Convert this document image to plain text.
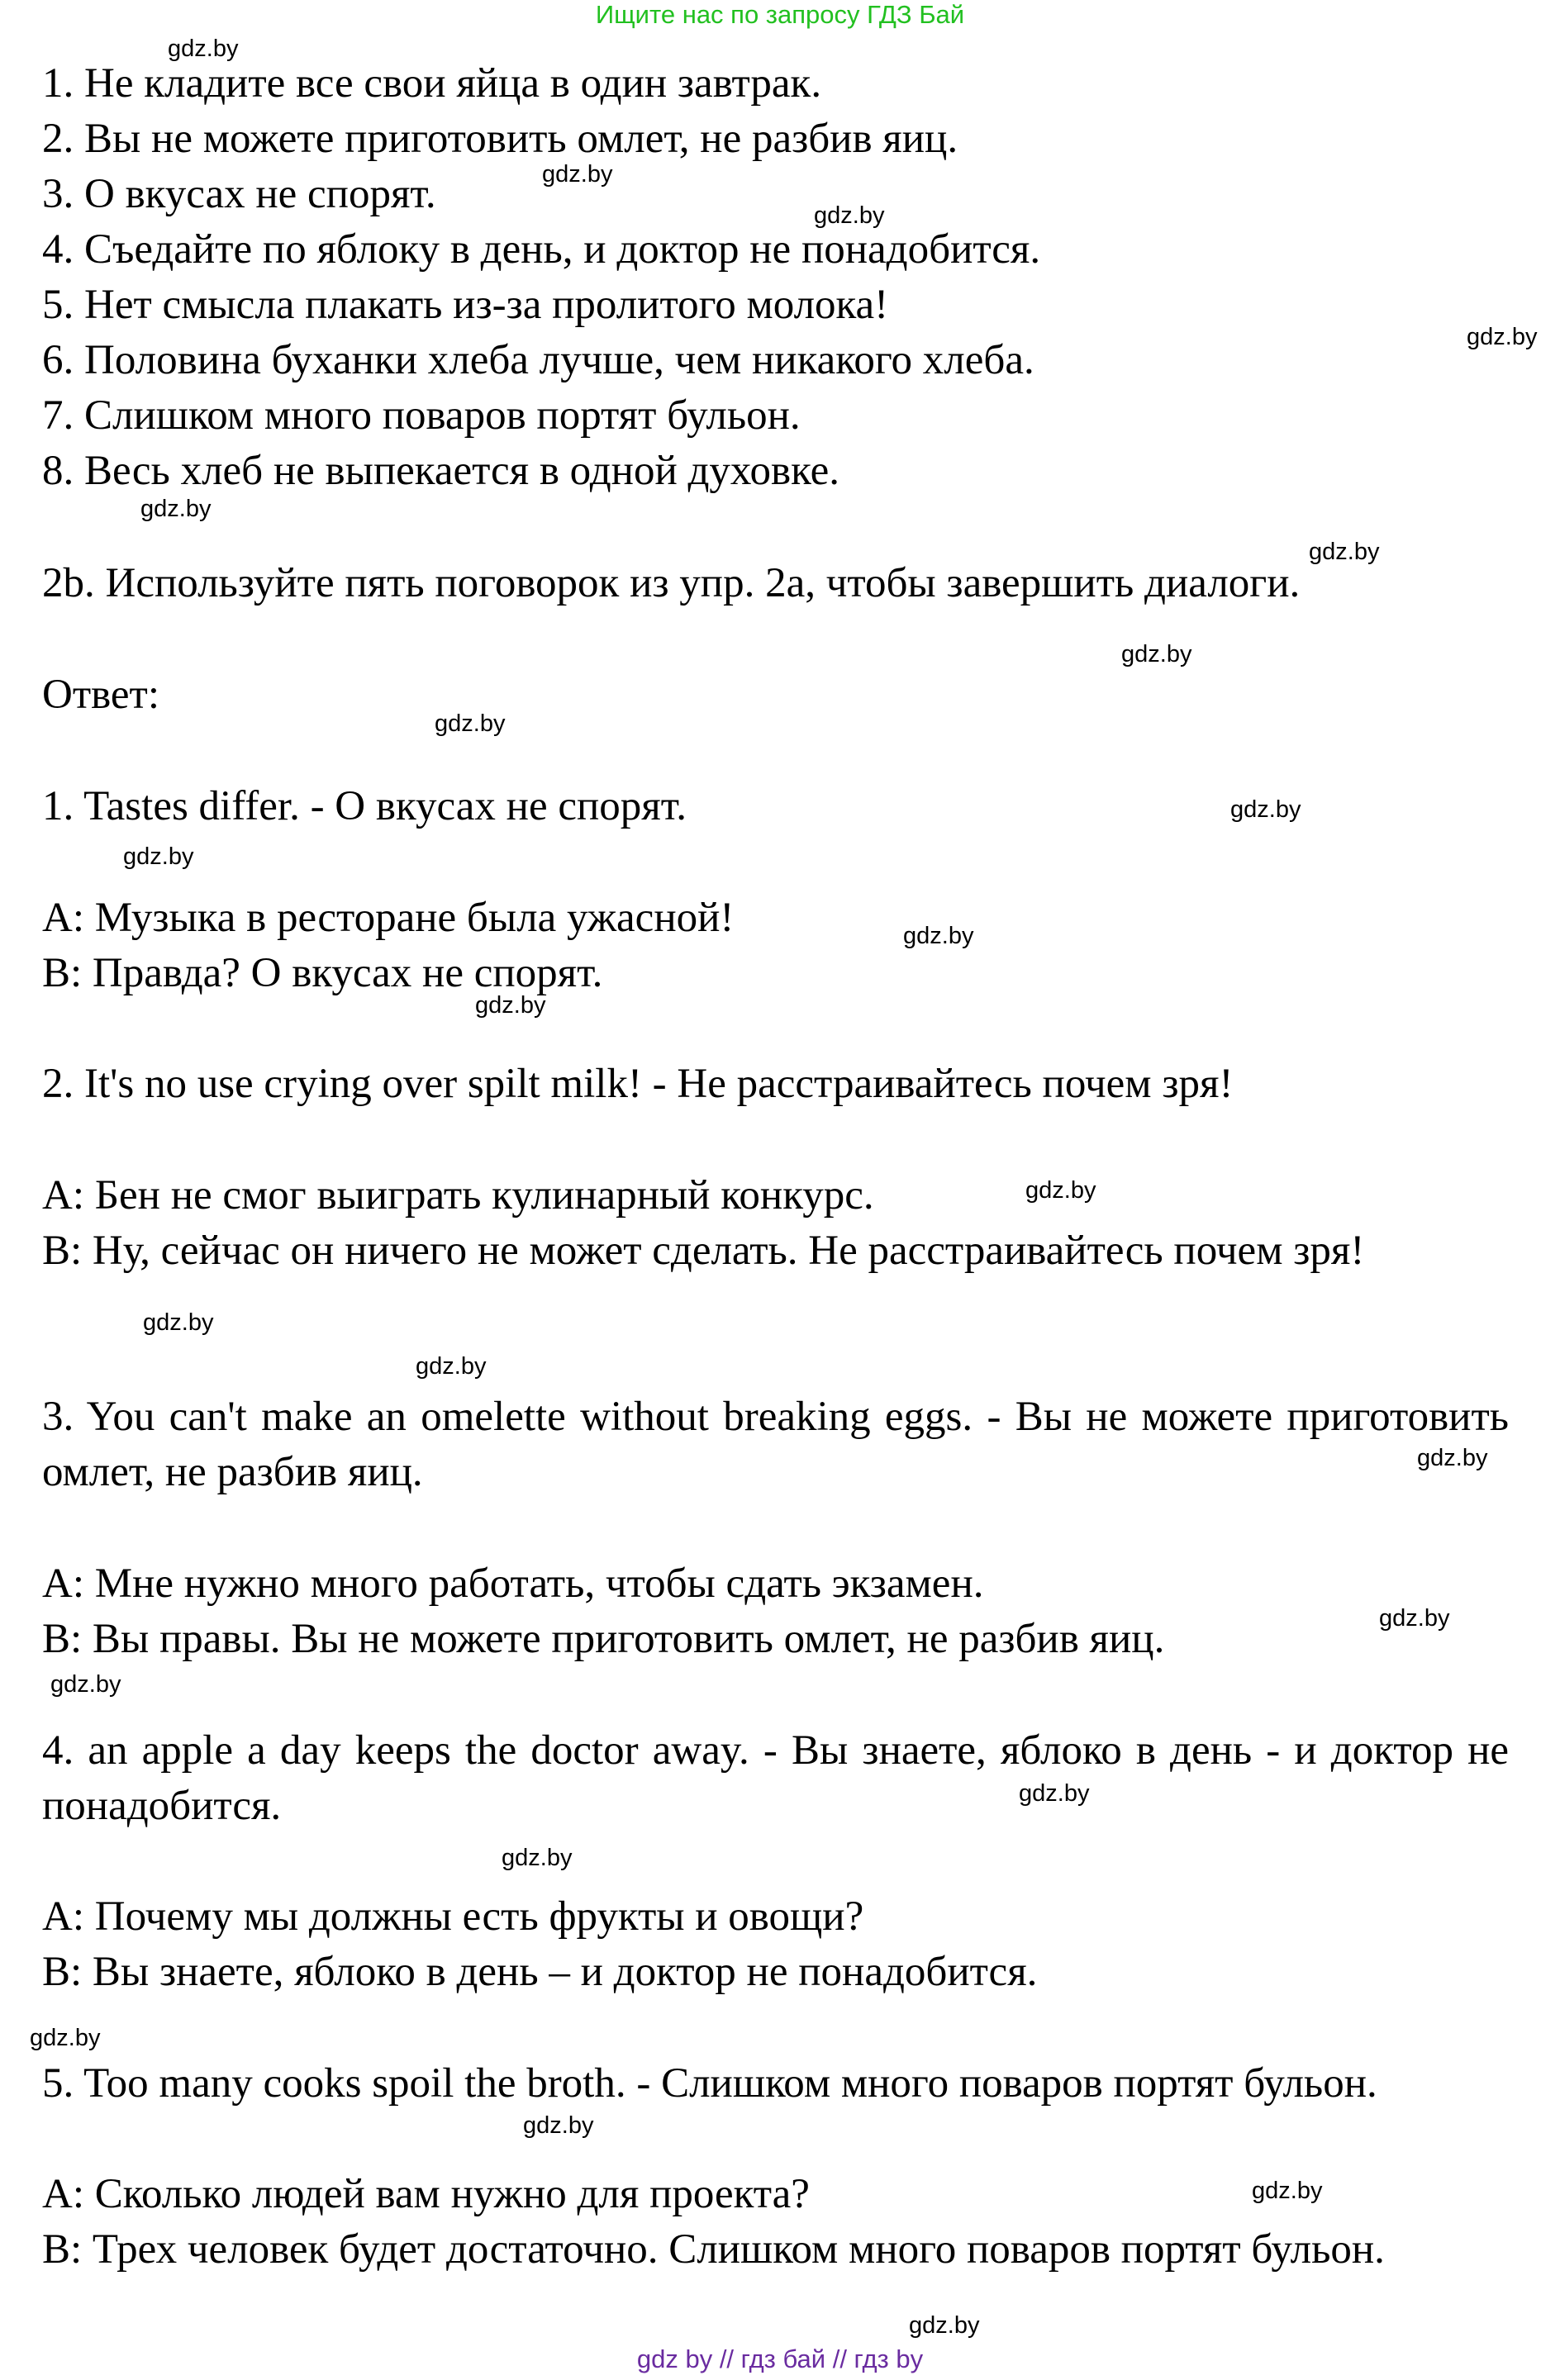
Ищите нас по запросу ГДЗ Бай
1. Не кладите все свои яйца в один завтрак.
2. Вы не можете приготовить омлет, не разбив яиц.
3. О вкусах не спорят.
4. Съедайте по яблоку в день, и доктор не понадобится.
5. Нет смысла плакать из-за пролитого молока!
6. Половина буханки хлеба лучше, чем никакого хлеба.
7. Слишком много поваров портят бульон.
8. Весь хлеб не выпекается в одной духовке.
2b. Используйте пять поговорок из упр. 2а, чтобы завершить диалоги.
Ответ:
1. Tastes differ. - О вкусах не спорят.
А: Музыка в ресторане была ужасной!
В: Правда? О вкусах не спорят.
2. It's no use crying over spilt milk! - Не расстраивайтесь почем зря!
А: Бен не смог выиграть кулинарный конкурс.
В: Ну, сейчас он ничего не может сделать. Не расстраивайтесь почем зря!
3. You can't make an omelette without breaking eggs. - Вы не можете приготовить омлет, не разбив яиц.
А: Мне нужно много работать, чтобы сдать экзамен.
В: Вы правы. Вы не можете приготовить омлет, не разбив яиц.
4. an apple a day keeps the doctor away. - Вы знаете, яблоко в день - и доктор не понадобится.
А: Почему мы должны есть фрукты и овощи?
В: Вы знаете, яблоко в день – и доктор не понадобится.
5. Too many cooks spoil the broth. - Слишком много поваров портят бульон.
А: Сколько людей вам нужно для проекта?
В: Трех человек будет достаточно. Слишком много поваров портят бульон.
gdz.by
gdz.by
gdz.by
gdz.by
gdz.by
gdz.by
gdz.by
gdz.by
gdz.by
gdz.by
gdz.by
gdz.by
gdz.by
gdz.by
gdz.by
gdz.by
gdz.by
gdz.by
gdz.by
gdz.by
gdz.by
gdz.by
gdz.by
gdz.by
gdz by // гдз бай // гдз by
